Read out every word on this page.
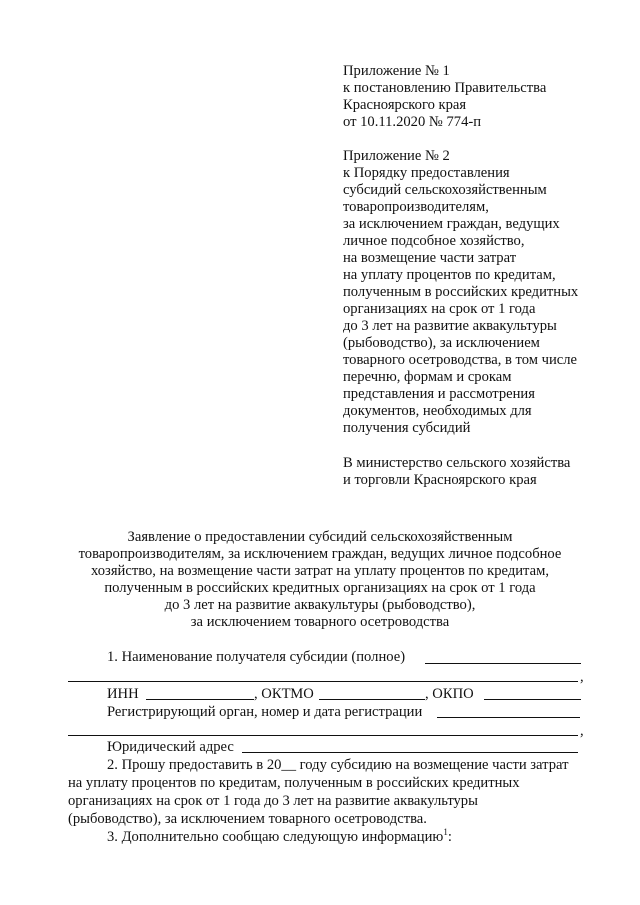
Приложение № 1
к постановлению Правительства
Красноярского края
от 10.11.2020 № 774-п
Приложение № 2
к Порядку предоставления
субсидий сельскохозяйственным
товаропроизводителям,
за исключением граждан, ведущих
личное подсобное хозяйство,
на возмещение части затрат
на уплату процентов по кредитам,
полученным в российских кредитных
организациях на срок от 1 года
до 3 лет на развитие аквакультуры
(рыбоводство), за исключением
товарного осетроводства, в том числе
перечню, формам и срокам
представления и рассмотрения
документов, необходимых для
получения субсидий
В министерство сельского хозяйства
и торговли Красноярского края
Заявление о предоставлении субсидий сельскохозяйственным
товаропроизводителям, за исключением граждан, ведущих личное подсобное
хозяйство, на возмещение части затрат на уплату процентов по кредитам,
полученным в российских кредитных организациях на срок от 1 года
до 3 лет на развитие аквакультуры (рыбоводство),
за исключением товарного осетроводства
1. Наименование получателя субсидии (полное)
,
ИНН	, ОКТМО	, ОКПО
Регистрирующий орган, номер и дата регистрации
,
Юридический адрес
2. Прошу предоставить в 20__ году субсидию на возмещение части затрат
на уплату процентов по кредитам, полученным в российских кредитных
организациях на срок от 1 года до 3 лет на развитие аквакультуры
(рыбоводство), за исключением товарного осетроводства.
3. Дополнительно сообщаю следующую информацию$^1$:
